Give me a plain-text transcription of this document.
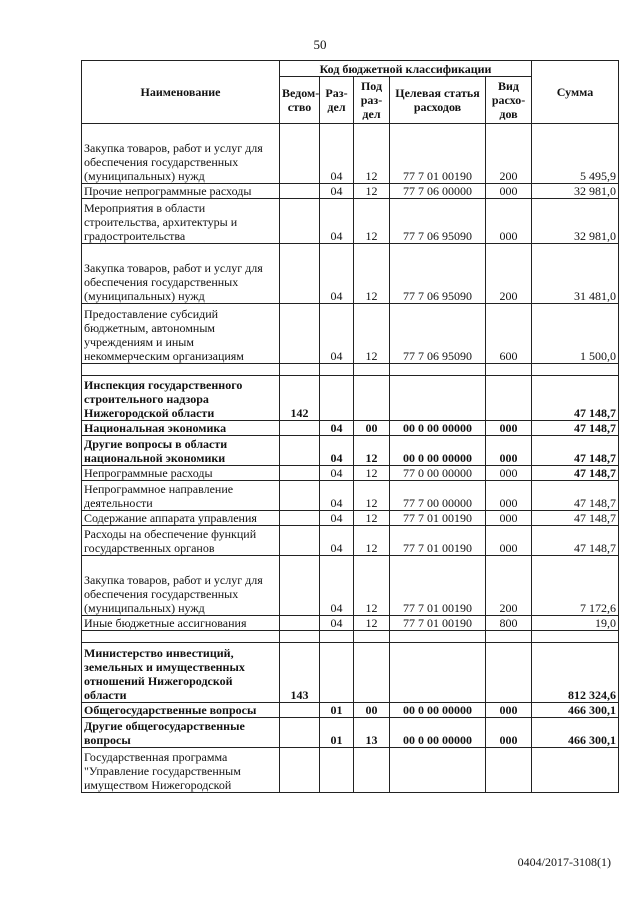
50
Наименование	Код бюджетной классификации					Сумма
	Ведом-ство	Раз-дел	Под раз-дел	Целевая статья расходов	Вид расхо-дов	
Закупка товаров, работ и услуг для обеспечения государственных (муниципальных) нужд		04	12	77 7 01 00190	200	5 495,9
Прочие непрограммные расходы		04	12	77 7 06 00000	000	32 981,0
Мероприятия в области строительства, архитектуры и градостроительства		04	12	77 7 06 95090	000	32 981,0
Закупка товаров, работ и услуг для обеспечения государственных (муниципальных) нужд		04	12	77 7 06 95090	200	31 481,0
Предоставление субсидий бюджетным, автономным учреждениям и иным некоммерческим организациям		04	12	77 7 06 95090	600	1 500,0

Инспекция государственного строительного надзора Нижегородской области	142					47 148,7
Национальная экономика		04	00	00 0 00 00000	000	47 148,7
Другие вопросы в области национальной экономики		04	12	00 0 00 00000	000	47 148,7
Непрограммные расходы		04	12	77 0 00 00000	000	47 148,7
Непрограммное направление деятельности		04	12	77 7 00 00000	000	47 148,7
Содержание аппарата управления		04	12	77 7 01 00190	000	47 148,7
Расходы на обеспечение функций государственных органов		04	12	77 7 01 00190	000	47 148,7
Закупка товаров, работ и услуг для обеспечения государственных (муниципальных) нужд		04	12	77 7 01 00190	200	7 172,6
Иные бюджетные ассигнования		04	12	77 7 01 00190	800	19,0

Министерство инвестиций, земельных и имущественных отношений Нижегородской области	143					812 324,6
Общегосударственные вопросы		01	00	00 0 00 00000	000	466 300,1
Другие общегосударственные вопросы		01	13	00 0 00 00000	000	466 300,1
Государственная программа "Управление государственным имуществом Нижегородской						
0404/2017-3108(1)
